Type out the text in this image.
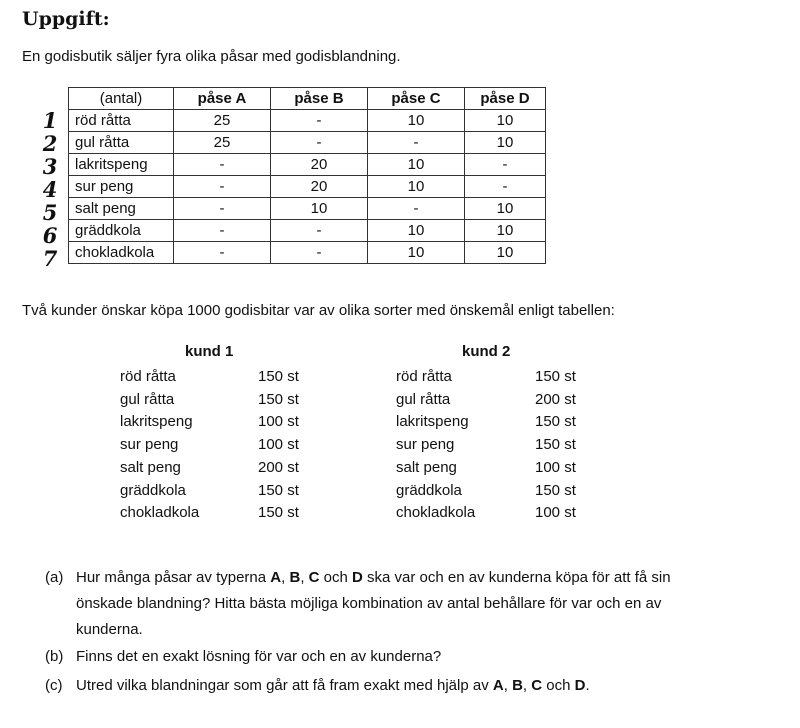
Uppgift:
En godisbutik säljer fyra olika påsar med godisblandning.
(antal)	påse A	påse B	påse C	påse D
röd råtta	25	-	10	10
gul råtta	25	-	-	10
lakritspeng	-	20	10	-
sur peng	-	20	10	-
salt peng	-	10	-	10
gräddkola	-	-	10	10
chokladkola	-	-	10	10
1
2
3
4
5
6
7
Två kunder önskar köpa 1000 godisbitar var av olika sorter med önskemål enligt tabellen:
kund 1
röd råtta	150 st
gul råtta	150 st
lakritspeng	100 st
sur peng	100 st
salt peng	200 st
gräddkola	150 st
chokladkola	150 st
kund 2
röd råtta	150 st
gul råtta	200 st
lakritspeng	150 st
sur peng	150 st
salt peng	100 st
gräddkola	150 st
chokladkola	100 st
(a) Hur många påsar av typerna A, B, C och D ska var och en av kunderna köpa för att få sin
önskade blandning? Hitta bästa möjliga kombination av antal behållare för var och en av
kunderna.
(b) Finns det en exakt lösning för var och en av kunderna?
(c) Utred vilka blandningar som går att få fram exakt med hjälp av A, B, C och D.
